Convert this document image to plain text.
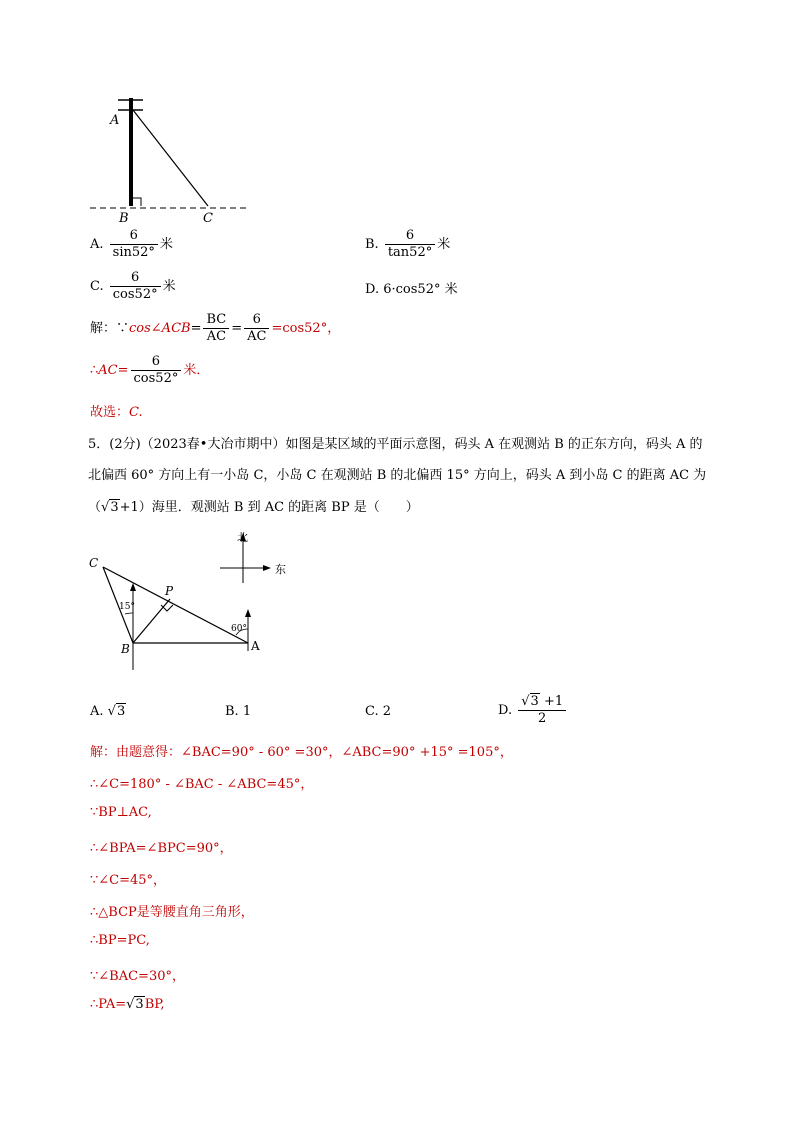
A
B	C
A. $\frac{6}{\sin 52^\circ}$ 米	B. $\frac{6}{\tan 52^\circ}$ 米
C. $\frac{6}{\cos 52^\circ}$ 米	D. 6·cos52° 米
解：∵cos∠ACB= $\frac{BC}{AC} = \frac{6}{AC} =\cos 52^\circ$，
∴AC= $\frac{6}{\cos 52^\circ}$ 米．
故选：C.
5．(2分)（2023春•大冶市期中）如图是某区域的平面示意图，码头 A 在观测站 B 的正东方向，码头 A 的
北偏西 60° 方向上有一小岛 C，小岛 C 在观测站 B 的北偏西 15° 方向上，码头 A 到小岛 C 的距离 AC 为
（√3+1）海里．观测站 B 到 AC 的距离 BP 是（　　）
C
P
B	A
15°
60°
北
东
A. √3	B. 1	C. 2	D. $\frac{√3 +1}{2}$
解：由题意得：∠BAC=90° - 60° =30°，∠ABC=90° +15° =105°，
∴∠C=180° - ∠BAC - ∠ABC=45°，
∵BP⊥AC,
∴∠BPA=∠BPC=90°，
∵∠C=45°，
∴△BCP是等腰直角三角形，
∴BP=PC,
∵∠BAC=30°，
∴PA=√3BP,
